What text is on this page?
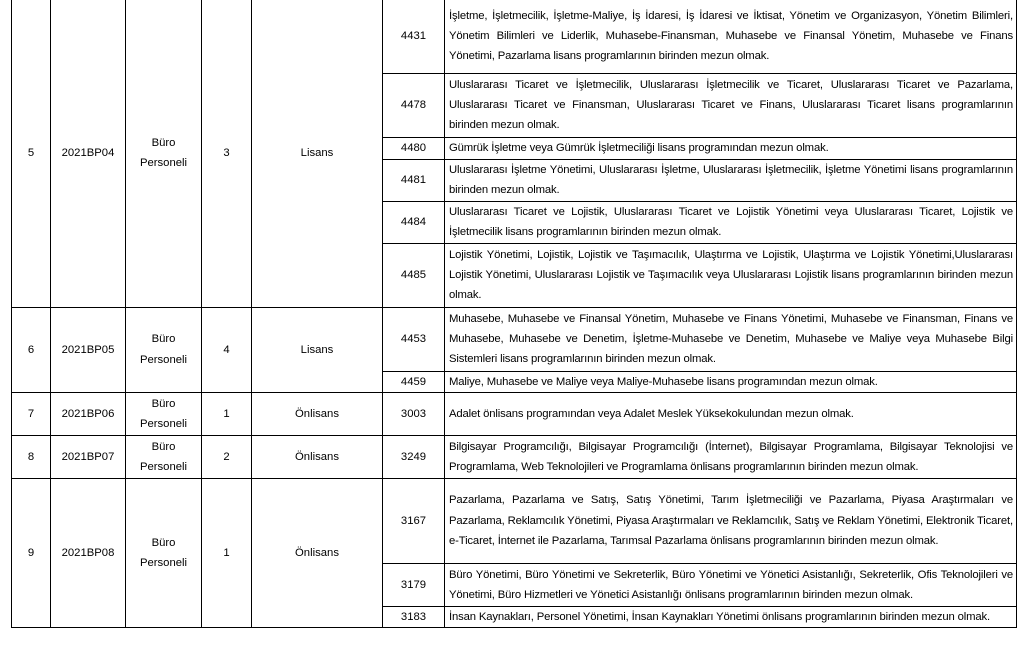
5	2021BP04	Büro Personeli	3	Lisans	4431	İşletme, İşletmecilik, İşletme-Maliye, İş İdaresi, İş İdaresi ve İktisat, Yönetim ve Organizasyon, Yönetim Bilimleri, Yönetim Bilimleri ve Liderlik, Muhasebe-Finansman, Muhasebe ve Finansal Yönetim, Muhasebe ve Finans Yönetimi, Pazarlama lisans programlarının birinden mezun olmak.
					4478	Uluslararası Ticaret ve İşletmecilik, Uluslararası İşletmecilik ve Ticaret, Uluslararası Ticaret ve Pazarlama, Uluslararası Ticaret ve Finansman, Uluslararası Ticaret ve Finans, Uluslararası Ticaret lisans programlarının birinden mezun olmak.
					4480	Gümrük İşletme veya Gümrük İşletmeciliği lisans programından mezun olmak.
					4481	Uluslararası İşletme Yönetimi, Uluslararası İşletme, Uluslararası İşletmecilik, İşletme Yönetimi lisans programlarının birinden mezun olmak.
					4484	Uluslararası Ticaret ve Lojistik, Uluslararası Ticaret ve Lojistik Yönetimi veya Uluslararası Ticaret, Lojistik ve İşletmecilik lisans programlarının birinden mezun olmak.
					4485	Lojistik Yönetimi, Lojistik, Lojistik ve Taşımacılık, Ulaştırma ve Lojistik, Ulaştırma ve Lojistik Yönetimi,Uluslararası Lojistik Yönetimi, Uluslararası Lojistik ve Taşımacılık veya Uluslararası Lojistik lisans programlarının birinden mezun olmak.
6	2021BP05	Büro Personeli	4	Lisans	4453	Muhasebe, Muhasebe ve Finansal Yönetim, Muhasebe ve Finans Yönetimi, Muhasebe ve Finansman, Finans ve Muhasebe, Muhasebe ve Denetim, İşletme-Muhasebe ve Denetim, Muhasebe ve Maliye veya Muhasebe Bilgi Sistemleri lisans programlarının birinden mezun olmak.
					4459	Maliye, Muhasebe ve Maliye veya Maliye-Muhasebe lisans programından mezun olmak.
7	2021BP06	Büro Personeli	1	Önlisans	3003	Adalet önlisans programından veya Adalet Meslek Yüksekokulundan mezun olmak.
8	2021BP07	Büro Personeli	2	Önlisans	3249	Bilgisayar Programcılığı, Bilgisayar Programcılığı (İnternet), Bilgisayar Programlama, Bilgisayar Teknolojisi ve Programlama, Web Teknolojileri ve Programlama önlisans programlarının birinden mezun olmak.
9	2021BP08	Büro Personeli	1	Önlisans	3167	Pazarlama, Pazarlama ve Satış, Satış Yönetimi, Tarım İşletmeciliği ve Pazarlama, Piyasa Araştırmaları ve Pazarlama, Reklamcılık Yönetimi, Piyasa Araştırmaları ve Reklamcılık, Satış ve Reklam Yönetimi, Elektronik Ticaret, e-Ticaret, İnternet ile Pazarlama, Tarımsal Pazarlama önlisans programlarının birinden mezun olmak.
					3179	Büro Yönetimi, Büro Yönetimi ve Sekreterlik, Büro Yönetimi ve Yönetici Asistanlığı, Sekreterlik, Ofis Teknolojileri ve Yönetimi, Büro Hizmetleri ve Yönetici Asistanlığı önlisans programlarının birinden mezun olmak.
					3183	İnsan Kaynakları, Personel Yönetimi, İnsan Kaynakları Yönetimi önlisans programlarının birinden mezun olmak.
